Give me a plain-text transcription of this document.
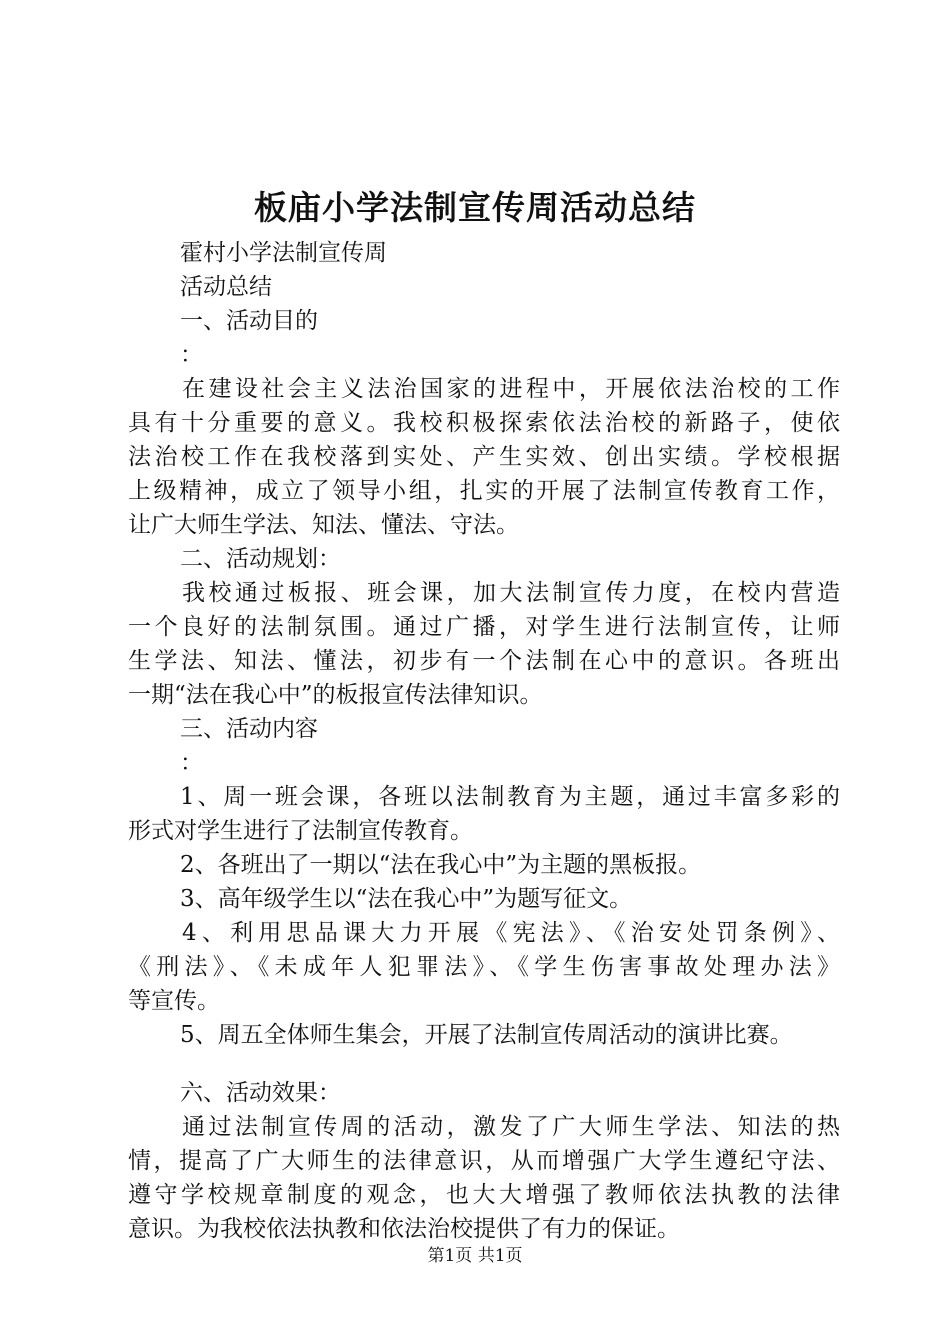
板庙小学法制宣传周活动总结
霍村小学法制宣传周
活动总结
一、活动目的
：
在建设社会主义法治国家的进程中，开展依法治校的工作
具有十分重要的意义。我校积极探索依法治校的新路子，使依
法治校工作在我校落到实处、产生实效、创出实绩。学校根据
上级精神，成立了领导小组，扎实的开展了法制宣传教育工作，
让广大师生学法、知法、懂法、守法。
二、活动规划：
我校通过板报、班会课，加大法制宣传力度，在校内营造
一个良好的法制氛围。通过广播，对学生进行法制宣传，让师
生学法、知法、懂法，初步有一个法制在心中的意识。各班出
一期“法在我心中”的板报宣传法律知识。
三、活动内容
：
1、周一班会课，各班以法制教育为主题，通过丰富多彩的
形式对学生进行了法制宣传教育。
2、各班出了一期以“法在我心中”为主题的黑板报。
3、高年级学生以“法在我心中”为题写征文。
4、利用思品课大力开展《宪法》、《治安处罚条例》、
《刑法》、《未成年人犯罪法》、《学生伤害事故处理办法》
等宣传。
5、周五全体师生集会，开展了法制宣传周活动的演讲比赛。
六、活动效果：
通过法制宣传周的活动，激发了广大师生学法、知法的热
情，提高了广大师生的法律意识，从而增强广大学生遵纪守法、
遵守学校规章制度的观念，也大大增强了教师依法执教的法律
意识。为我校依法执教和依法治校提供了有力的保证。
第1页 共1页
